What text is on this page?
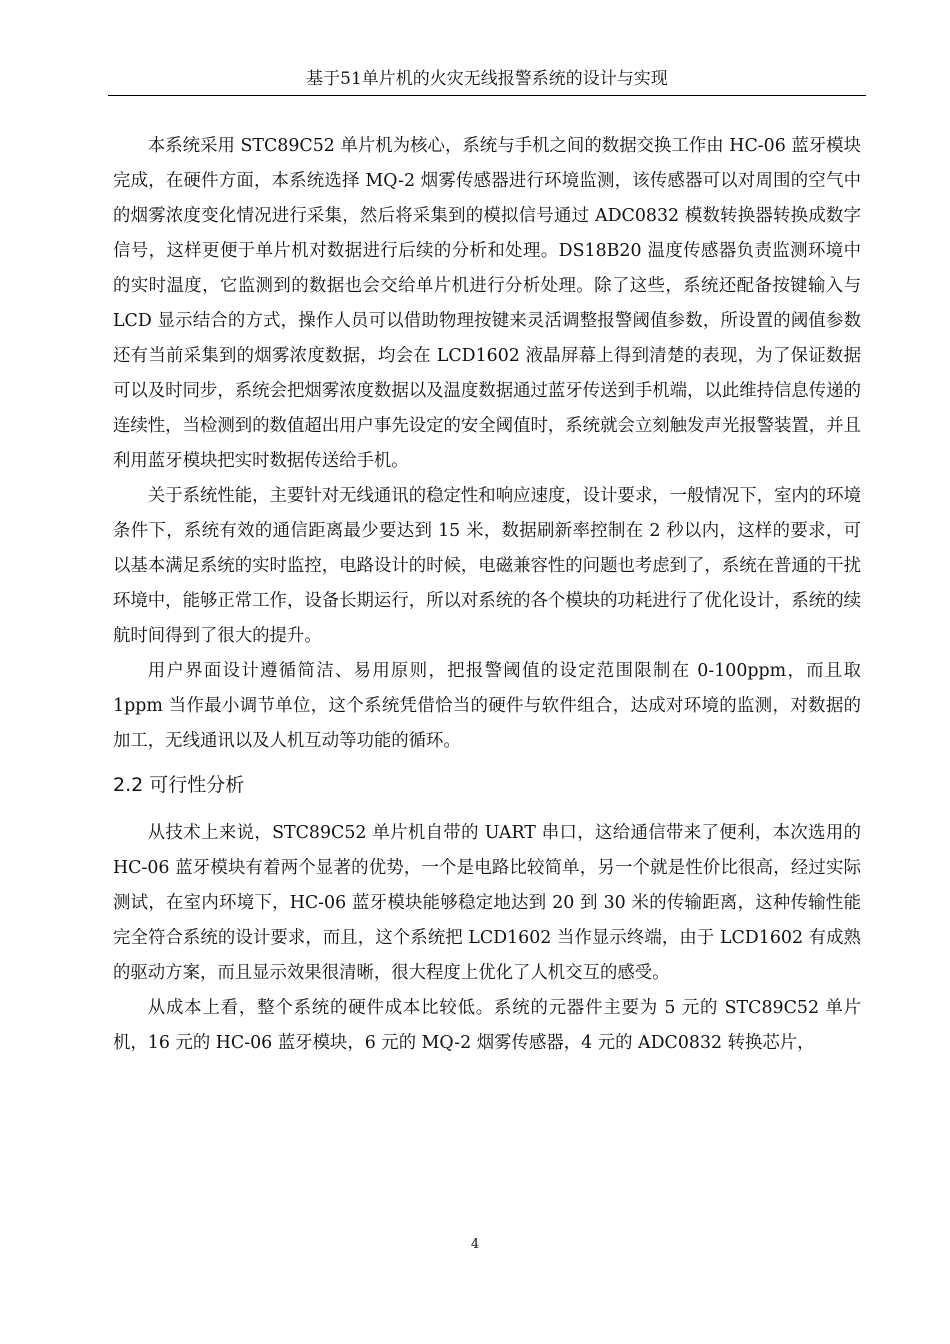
基于51单片机的火灾无线报警系统的设计与实现

本系统采用 STC89C52 单片机为核心，系统与手机之间的数据交换工作由 HC-06 蓝牙模块完成，在硬件方面，本系统选择 MQ-2 烟雾传感器进行环境监测，该传感器可以对周围的空气中的烟雾浓度变化情况进行采集，然后将采集到的模拟信号通过 ADC0832 模数转换器转换成数字信号，这样更便于单片机对数据进行后续的分析和处理。DS18B20 温度传感器负责监测环境中的实时温度，它监测到的数据也会交给单片机进行分析处理。除了这些，系统还配备按键输入与 LCD 显示结合的方式，操作人员可以借助物理按键来灵活调整报警阈值参数，所设置的阈值参数还有当前采集到的烟雾浓度数据，均会在 LCD1602 液晶屏幕上得到清楚的表现，为了保证数据可以及时同步，系统会把烟雾浓度数据以及温度数据通过蓝牙传送到手机端，以此维持信息传递的连续性，当检测到的数值超出用户事先设定的安全阈值时，系统就会立刻触发声光报警装置，并且利用蓝牙模块把实时数据传送给手机。

关于系统性能，主要针对无线通讯的稳定性和响应速度，设计要求，一般情况下，室内的环境条件下，系统有效的通信距离最少要达到 15 米，数据刷新率控制在 2 秒以内，这样的要求，可以基本满足系统的实时监控，电路设计的时候，电磁兼容性的问题也考虑到了，系统在普通的干扰环境中，能够正常工作，设备长期运行，所以对系统的各个模块的功耗进行了优化设计，系统的续航时间得到了很大的提升。

用户界面设计遵循简洁、易用原则，把报警阈值的设定范围限制在 0-100ppm，而且取 1ppm 当作最小调节单位，这个系统凭借恰当的硬件与软件组合，达成对环境的监测，对数据的加工，无线通讯以及人机互动等功能的循环。

2.2 可行性分析

从技术上来说，STC89C52 单片机自带的 UART 串口，这给通信带来了便利，本次选用的 HC-06 蓝牙模块有着两个显著的优势，一个是电路比较简单，另一个就是性价比很高，经过实际测试，在室内环境下，HC-06 蓝牙模块能够稳定地达到 20 到 30 米的传输距离，这种传输性能完全符合系统的设计要求，而且，这个系统把 LCD1602 当作显示终端，由于 LCD1602 有成熟的驱动方案，而且显示效果很清晰，很大程度上优化了人机交互的感受。

从成本上看，整个系统的硬件成本比较低。系统的元器件主要为 5 元的 STC89C52 单片机，16 元的 HC-06 蓝牙模块，6 元的 MQ-2 烟雾传感器，4 元的 ADC0832 转换芯片，

4
